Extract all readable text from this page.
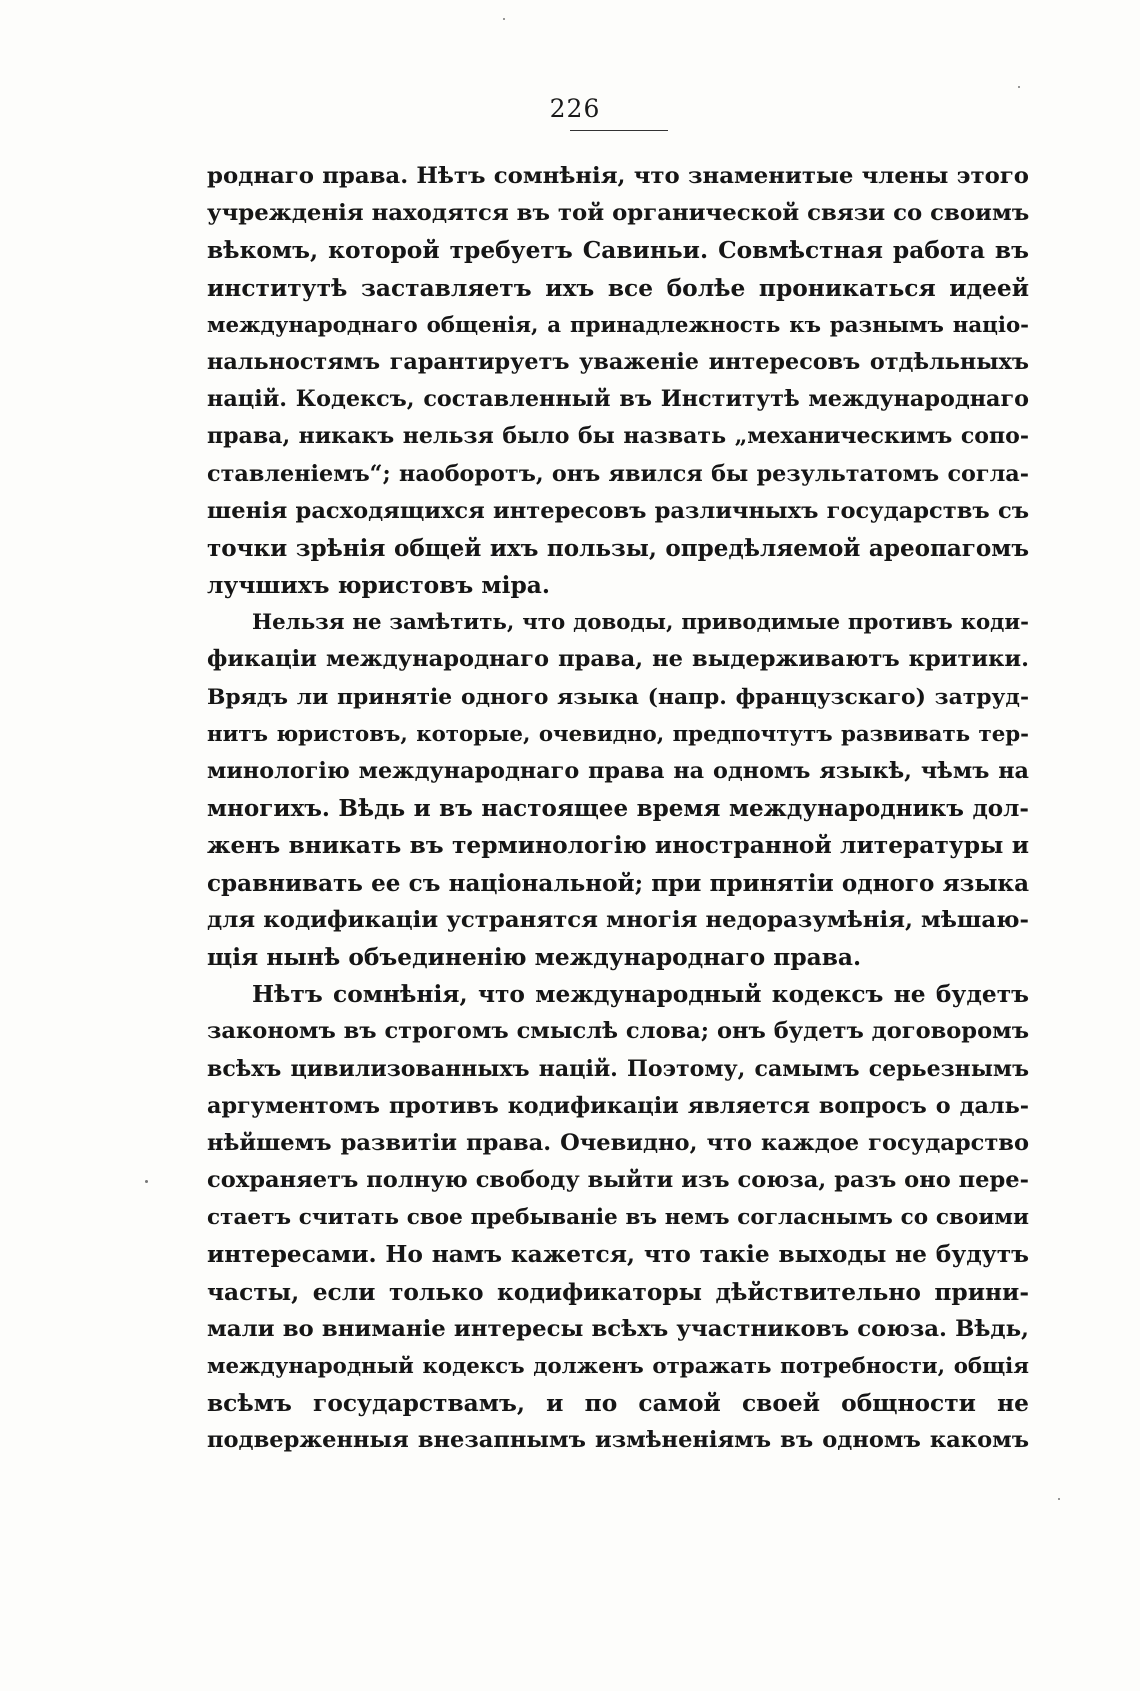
226
роднаго права. Нѣтъ сомнѣнія, что знаменитые члены этого
учрежденія находятся въ той органической связи со своимъ
вѣкомъ, которой требуетъ Савиньи. Совмѣстная работа въ
институтѣ заставляетъ ихъ все болѣе проникаться идеей
международнаго общенія, а принадлежность къ разнымъ націо-
нальностямъ гарантируетъ уваженіе интересовъ отдѣльныхъ
націй. Кодексъ, составленный въ Институтѣ международнаго
права, никакъ нельзя было бы назвать „механическимъ сопо-
ставленіемъ“; наоборотъ, онъ явился бы результатомъ согла-
шенія расходящихся интересовъ различныхъ государствъ съ
точки зрѣнія общей ихъ пользы, опредѣляемой ареопагомъ
лучшихъ юристовъ міра.
Нельзя не замѣтить, что доводы, приводимые противъ коди-
фикаціи международнаго права, не выдерживаютъ критики.
Врядъ ли принятіе одного языка (напр. французскаго) затруд-
нитъ юристовъ, которые, очевидно, предпочтутъ развивать тер-
минологію международнаго права на одномъ языкѣ, чѣмъ на
многихъ. Вѣдь и въ настоящее время международникъ дол-
женъ вникать въ терминологію иностранной литературы и
сравнивать ее съ національной; при принятіи одного языка
для кодификаціи устранятся многія недоразумѣнія, мѣшаю-
щія нынѣ объединенію международнаго права.
Нѣтъ сомнѣнія, что международный кодексъ не будетъ
закономъ въ строгомъ смыслѣ слова; онъ будетъ договоромъ
всѣхъ цивилизованныхъ націй. Поэтому, самымъ серьезнымъ
аргументомъ противъ кодификаціи является вопросъ о даль-
нѣйшемъ развитіи права. Очевидно, что каждое государство
сохраняетъ полную свободу выйти изъ союза, разъ оно пере-
стаетъ считать свое пребываніе въ немъ согласнымъ со своими
интересами. Но намъ кажется, что такіе выходы не будутъ
часты, если только кодификаторы дѣйствительно прини-
мали во вниманіе интересы всѣхъ участниковъ союза. Вѣдь,
международный кодексъ долженъ отражать потребности, общія
всѣмъ государствамъ, и по самой своей общности не
подверженныя внезапнымъ измѣненіямъ въ одномъ какомъ
